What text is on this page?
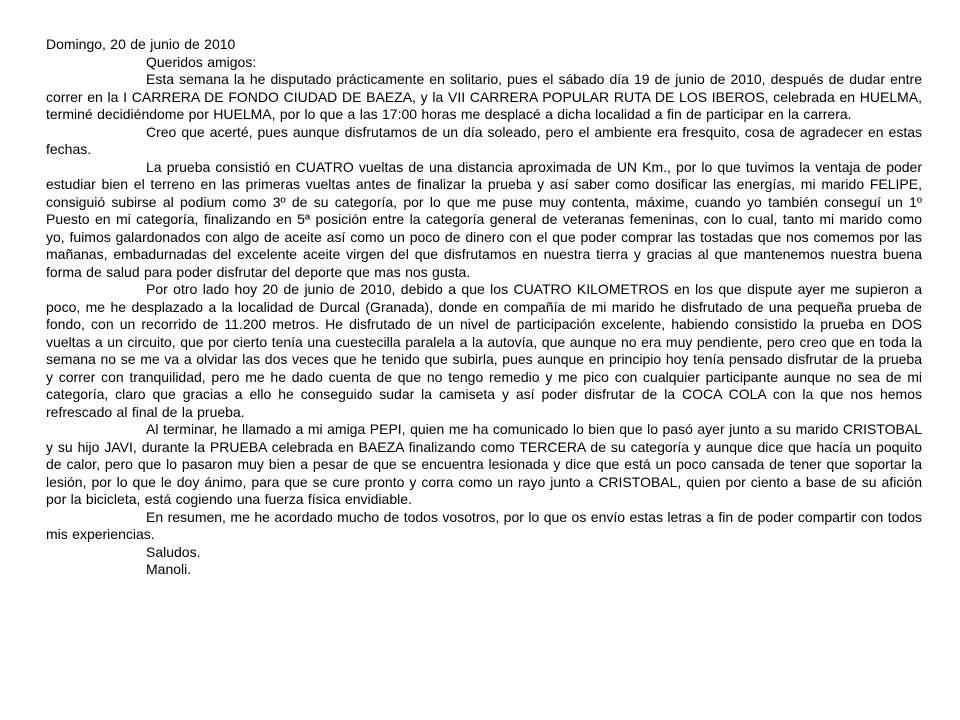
Domingo, 20 de junio de 2010

Queridos amigos:

Esta semana la he disputado prácticamente en solitario, pues el sábado día 19 de junio de 2010, después de dudar entre correr en la I CARRERA DE FONDO CIUDAD DE BAEZA, y la VII CARRERA POPULAR RUTA DE LOS IBEROS, celebrada en HUELMA, terminé decidiéndome por HUELMA, por lo que a las 17:00 horas me desplacé a dicha localidad a fin de participar en la carrera.

Creo que acerté, pues aunque disfrutamos de un día soleado, pero el ambiente era fresquito, cosa de agradecer en estas fechas.

La prueba consistió en CUATRO vueltas de una distancia aproximada de UN Km., por lo que tuvimos la ventaja de poder estudiar bien el terreno en las primeras vueltas antes de finalizar la prueba y así saber como dosificar las energías, mi marido FELIPE, consiguió subirse al podium como 3º de su categoría, por lo que me puse muy contenta, máxime, cuando yo también conseguí un 1º Puesto en mi categoría, finalizando en 5ª posición entre la categoría general de veteranas femeninas, con lo cual, tanto mi marido como yo, fuimos galardonados con algo de aceite así como un poco de dinero con el que poder comprar las tostadas que nos comemos por las mañanas, embadurnadas del excelente aceite virgen del que disfrutamos en nuestra tierra y gracias al que mantenemos nuestra buena forma de salud para poder disfrutar del deporte que mas nos gusta.

Por otro lado hoy 20 de junio de 2010, debido a que los CUATRO KILOMETROS en los que dispute ayer me supieron a poco, me he desplazado a la localidad de Durcal (Granada), donde en compañía de mi marido he disfrutado de una pequeña prueba de fondo, con un recorrido de 11.200 metros. He disfrutado de un nivel de participación excelente, habiendo consistido la prueba en DOS vueltas a un circuito, que por cierto tenía una cuestecilla paralela a la autovía, que aunque no era muy pendiente, pero creo que en toda la semana no se me va a olvidar las dos veces que he tenido que subirla, pues aunque en principio hoy tenía pensado disfrutar de la prueba y correr con tranquilidad, pero me he dado cuenta de que no tengo remedio y me pico con cualquier participante aunque no sea de mi categoría, claro que gracias a ello he conseguido sudar la camiseta y así poder disfrutar de la COCA COLA con la que nos hemos refrescado al final de la prueba.

Al terminar, he llamado a mi amiga PEPI, quien me ha comunicado lo bien que lo pasó ayer junto a su marido CRISTOBAL y su hijo JAVI, durante la PRUEBA celebrada en BAEZA finalizando como TERCERA de su categoría y aunque dice que hacía un poquito de calor, pero que lo pasaron muy bien a pesar de que se encuentra lesionada y dice que está un poco cansada de tener que soportar la lesión, por lo que le doy ánimo, para que se cure pronto y corra como un rayo junto a CRISTOBAL, quien por ciento a base de su afición por la bicicleta, está cogiendo una fuerza física envidiable.

En resumen, me he acordado mucho de todos vosotros, por lo que os envío estas letras a fin de poder compartir con todos mis experiencias.

Saludos.

Manoli.
